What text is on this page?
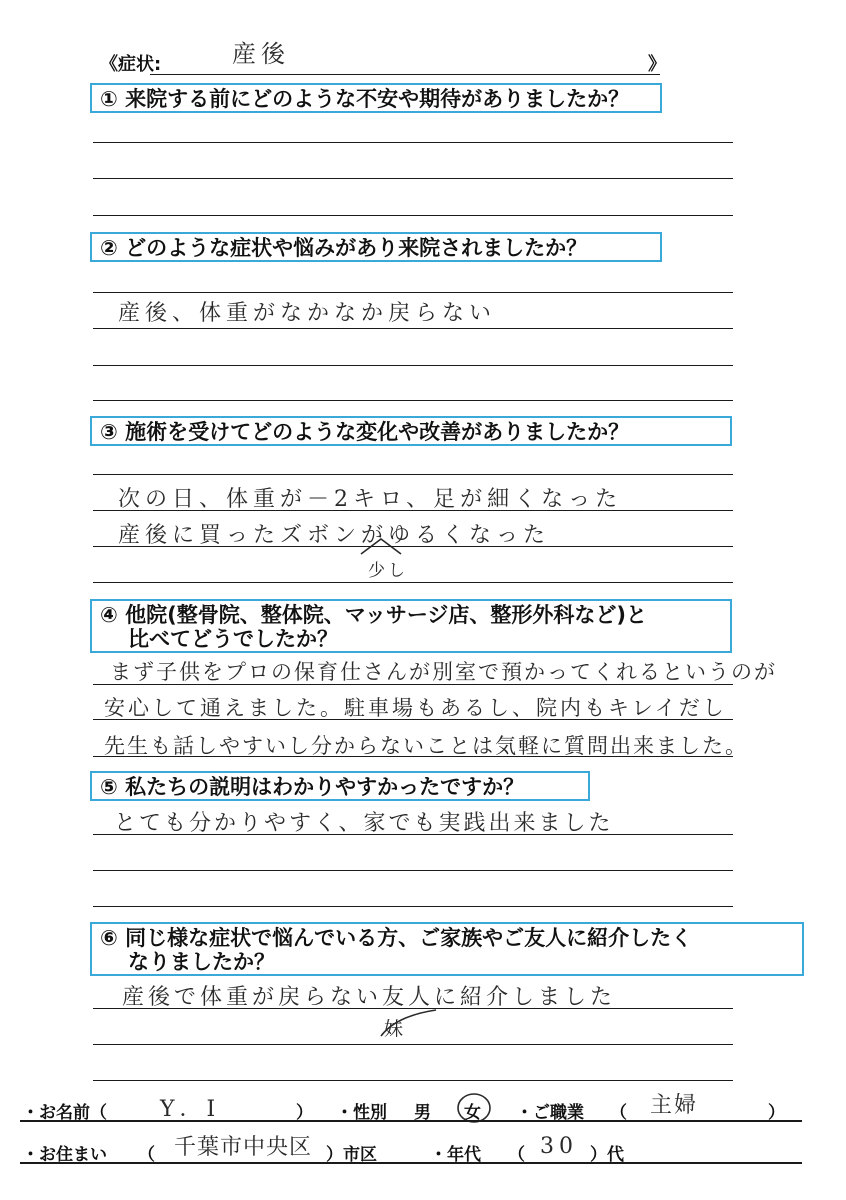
《症状:	産後	》
① 来院する前にどのような不安や期待がありましたか？
② どのような症状や悩みがあり来院されましたか？
産後、体重がなかなか戻らない
③ 施術を受けてどのような変化や改善がありましたか？
次の日、体重が－2キロ、足が細くなった
産後に買ったズボンがゆるくなった
少し
④ 他院(整骨院、整体院、マッサージ店、整形外科など)と
比べてどうでしたか？
まず子供をプロの保育仕さんが別室で預かってくれるというのが
安心して通えました。駐車場もあるし、院内もキレイだし
先生も話しやすいし分からないことは気軽に質問出来ました。
⑤ 私たちの説明はわかりやすかったですか？
とても分かりやすく、家でも実践出来ました
⑥ 同じ様な症状で悩んでいる方、ご家族やご友人に紹介したく
なりましたか？
産後で体重が戻らない友人に紹介しました
妹
・お名前（ Y．I	） ・性別 男 女 ・ご職業 （ 主婦	）
・お住まい （ 千葉市中央区 ）市区	・年代 （ 30 ）代
